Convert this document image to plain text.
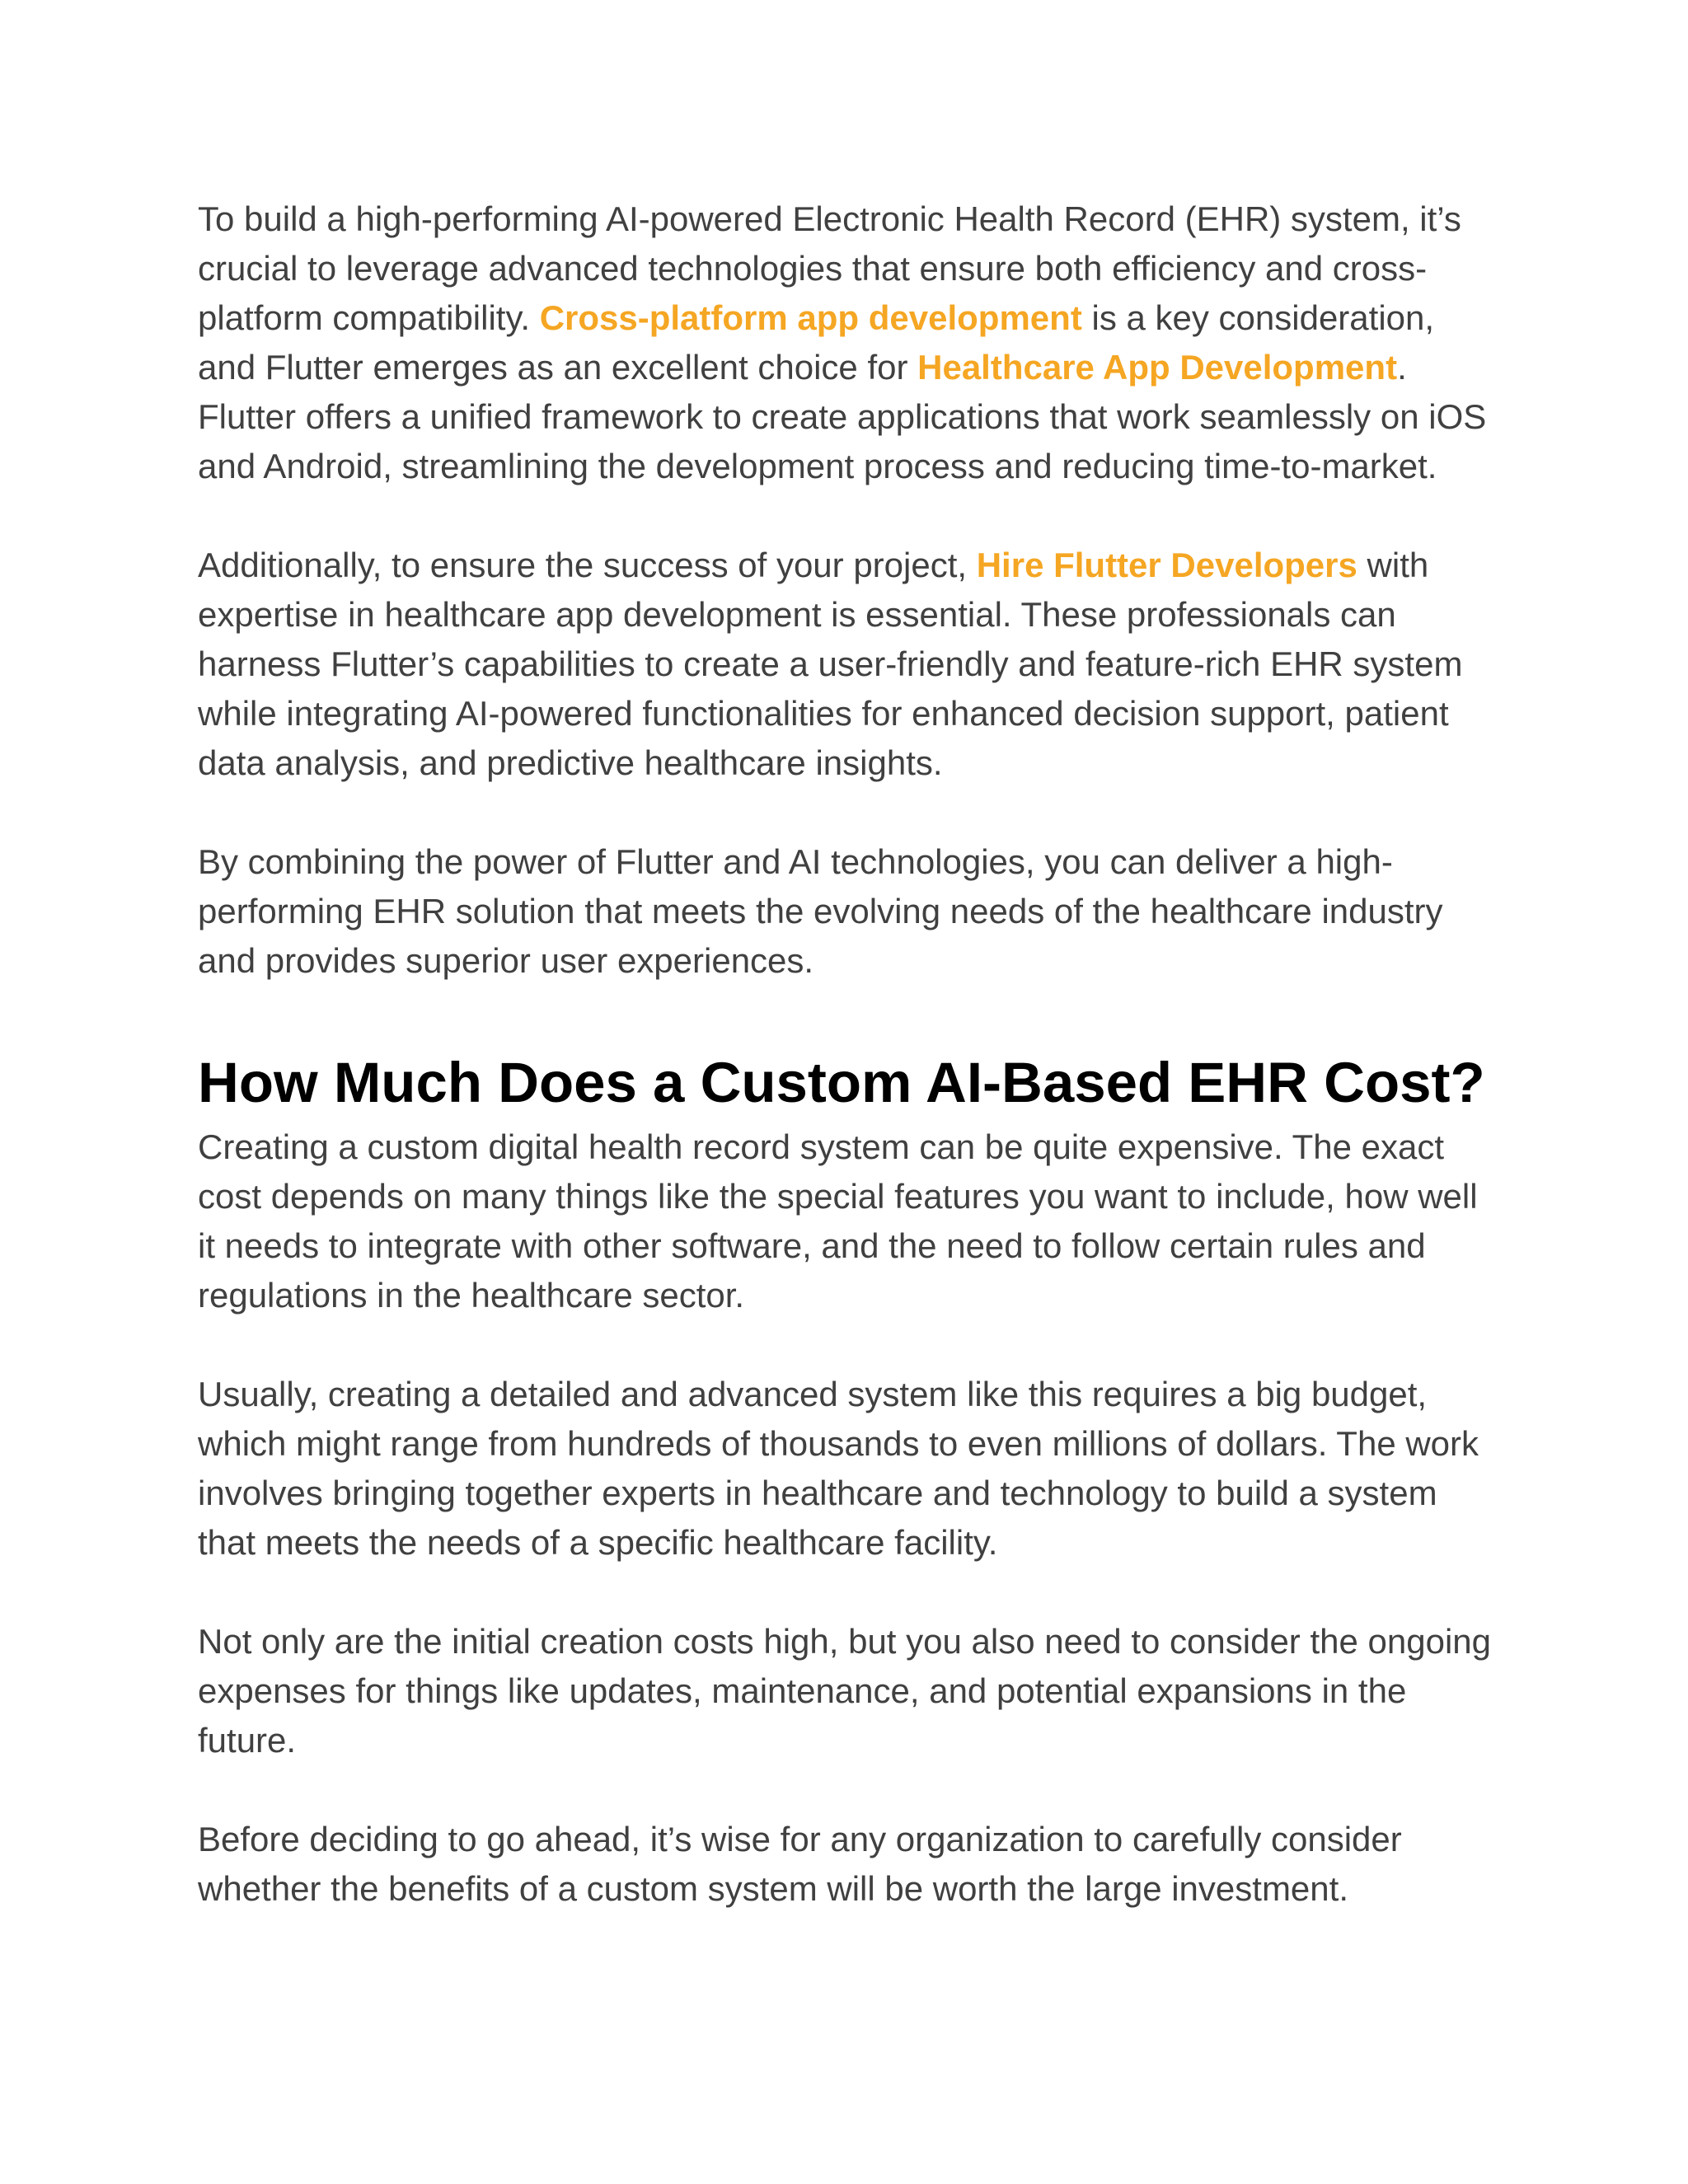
To build a high-performing AI-powered Electronic Health Record (EHR) system, it’s crucial to leverage advanced technologies that ensure both efficiency and cross-platform compatibility. Cross-platform app development is a key consideration, and Flutter emerges as an excellent choice for Healthcare App Development. Flutter offers a unified framework to create applications that work seamlessly on iOS and Android, streamlining the development process and reducing time-to-market.

Additionally, to ensure the success of your project, Hire Flutter Developers with expertise in healthcare app development is essential. These professionals can harness Flutter’s capabilities to create a user-friendly and feature-rich EHR system while integrating AI-powered functionalities for enhanced decision support, patient data analysis, and predictive healthcare insights.

By combining the power of Flutter and AI technologies, you can deliver a high-performing EHR solution that meets the evolving needs of the healthcare industry and provides superior user experiences.

How Much Does a Custom AI-Based EHR Cost?

Creating a custom digital health record system can be quite expensive. The exact cost depends on many things like the special features you want to include, how well it needs to integrate with other software, and the need to follow certain rules and regulations in the healthcare sector.

Usually, creating a detailed and advanced system like this requires a big budget, which might range from hundreds of thousands to even millions of dollars. The work involves bringing together experts in healthcare and technology to build a system that meets the needs of a specific healthcare facility.

Not only are the initial creation costs high, but you also need to consider the ongoing expenses for things like updates, maintenance, and potential expansions in the future.

Before deciding to go ahead, it’s wise for any organization to carefully consider whether the benefits of a custom system will be worth the large investment.
